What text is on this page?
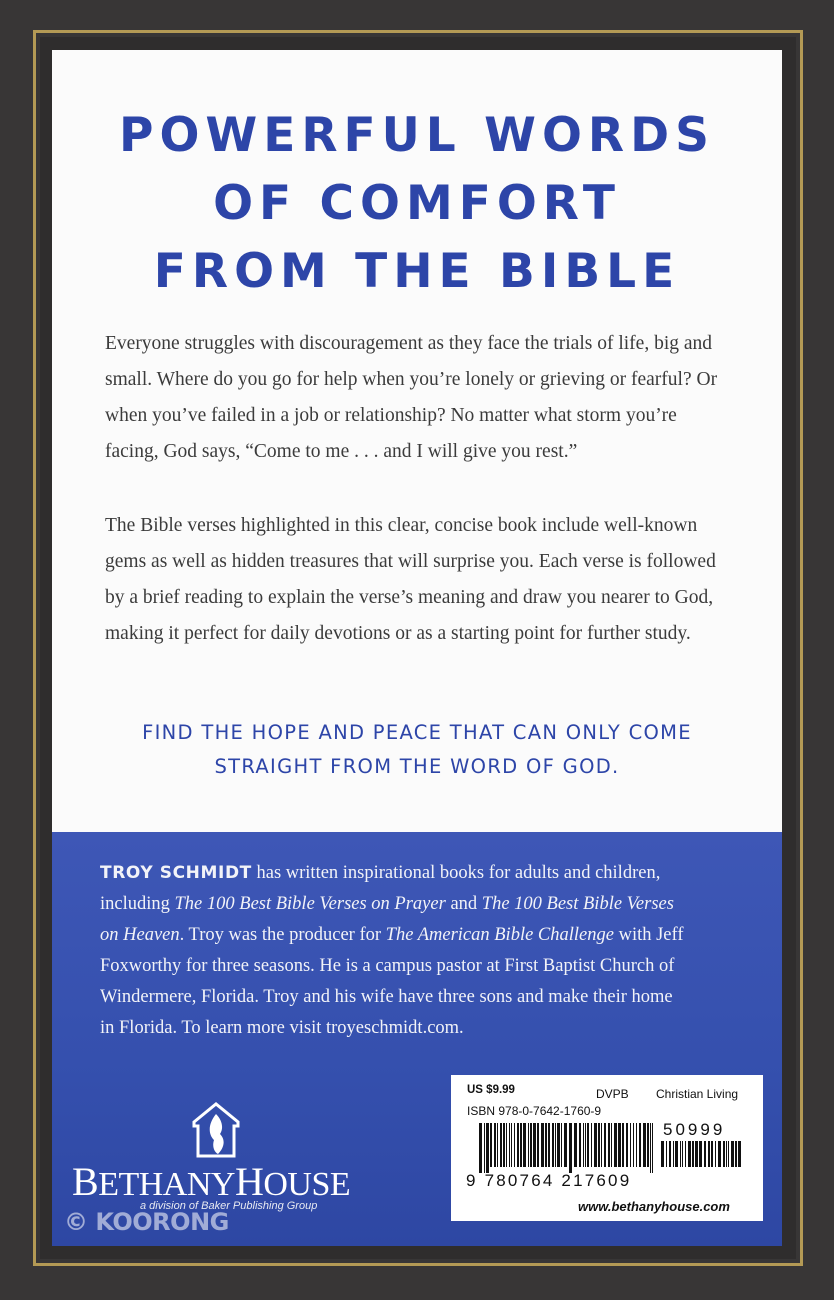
POWERFUL WORDS
OF COMFORT
FROM THE BIBLE

Everyone struggles with discouragement as they face the trials of life, big and small. Where do you go for help when you’re lonely or grieving or fearful? Or when you’ve failed in a job or relationship? No matter what storm you’re facing, God says, “Come to me . . . and I will give you rest.”

The Bible verses highlighted in this clear, concise book include well-known gems as well as hidden treasures that will surprise you. Each verse is followed by a brief reading to explain the verse’s meaning and draw you nearer to God, making it perfect for daily devotions or as a starting point for further study.

FIND THE HOPE AND PEACE THAT CAN ONLY COME
STRAIGHT FROM THE WORD OF GOD.

TROY SCHMIDT has written inspirational books for adults and children,
including The 100 Best Bible Verses on Prayer and The 100 Best Bible Verses
on Heaven. Troy was the producer for The American Bible Challenge with Jeff
Foxworthy for three seasons. He is a campus pastor at First Baptist Church of
Windermere, Florida. Troy and his wife have three sons and make their home
in Florida. To learn more visit troyeschmidt.com.

BETHANYHOUSE
a division of Baker Publishing Group
© KOORONG
US $9.99	DVPB Christian Living
ISBN 978-0-7642-1760-9
50999
9 780764 217609
www.bethanyhouse.com
